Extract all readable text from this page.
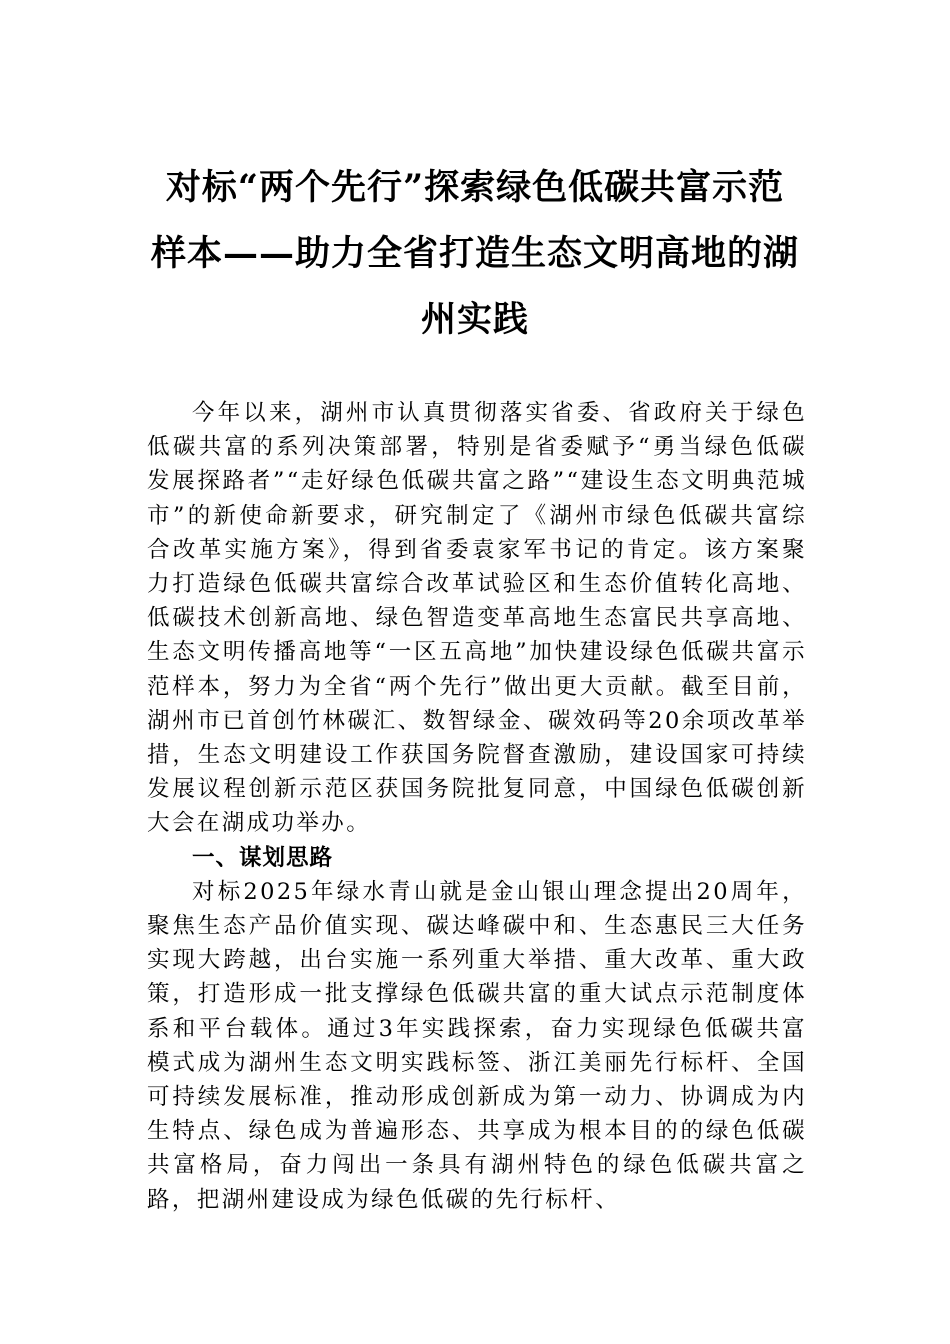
对标“两个先行”探索绿色低碳共富示范
样本——助力全省打造生态文明高地的湖
州实践

今年以来，湖州市认真贯彻落实省委、省政府关于绿色低碳共富的系列决策部署，特别是省委赋予“勇当绿色低碳发展探路者”“走好绿色低碳共富之路”“建设生态文明典范城市”的新使命新要求，研究制定了《湖州市绿色低碳共富综合改革实施方案》，得到省委袁家军书记的肯定。该方案聚力打造绿色低碳共富综合改革试验区和生态价值转化高地、低碳技术创新高地、绿色智造变革高地生态富民共享高地、生态文明传播高地等“一区五高地”加快建设绿色低碳共富示范样本，努力为全省“两个先行”做出更大贡献。截至目前，湖州市已首创竹林碳汇、数智绿金、碳效码等20余项改革举措，生态文明建设工作获国务院督查激励，建设国家可持续发展议程创新示范区获国务院批复同意，中国绿色低碳创新大会在湖成功举办。

一、谋划思路

对标2025年绿水青山就是金山银山理念提出20周年，聚焦生态产品价值实现、碳达峰碳中和、生态惠民三大任务实现大跨越，出台实施一系列重大举措、重大改革、重大政策，打造形成一批支撑绿色低碳共富的重大试点示范制度体系和平台载体。通过3年实践探索，奋力实现绿色低碳共富模式成为湖州生态文明实践标签、浙江美丽先行标杆、全国可持续发展标准，推动形成创新成为第一动力、协调成为内生特点、绿色成为普遍形态、共享成为根本目的的绿色低碳共富格局，奋力闯出一条具有湖州特色的绿色低碳共富之路，把湖州建设成为绿色低碳的先行标杆、
